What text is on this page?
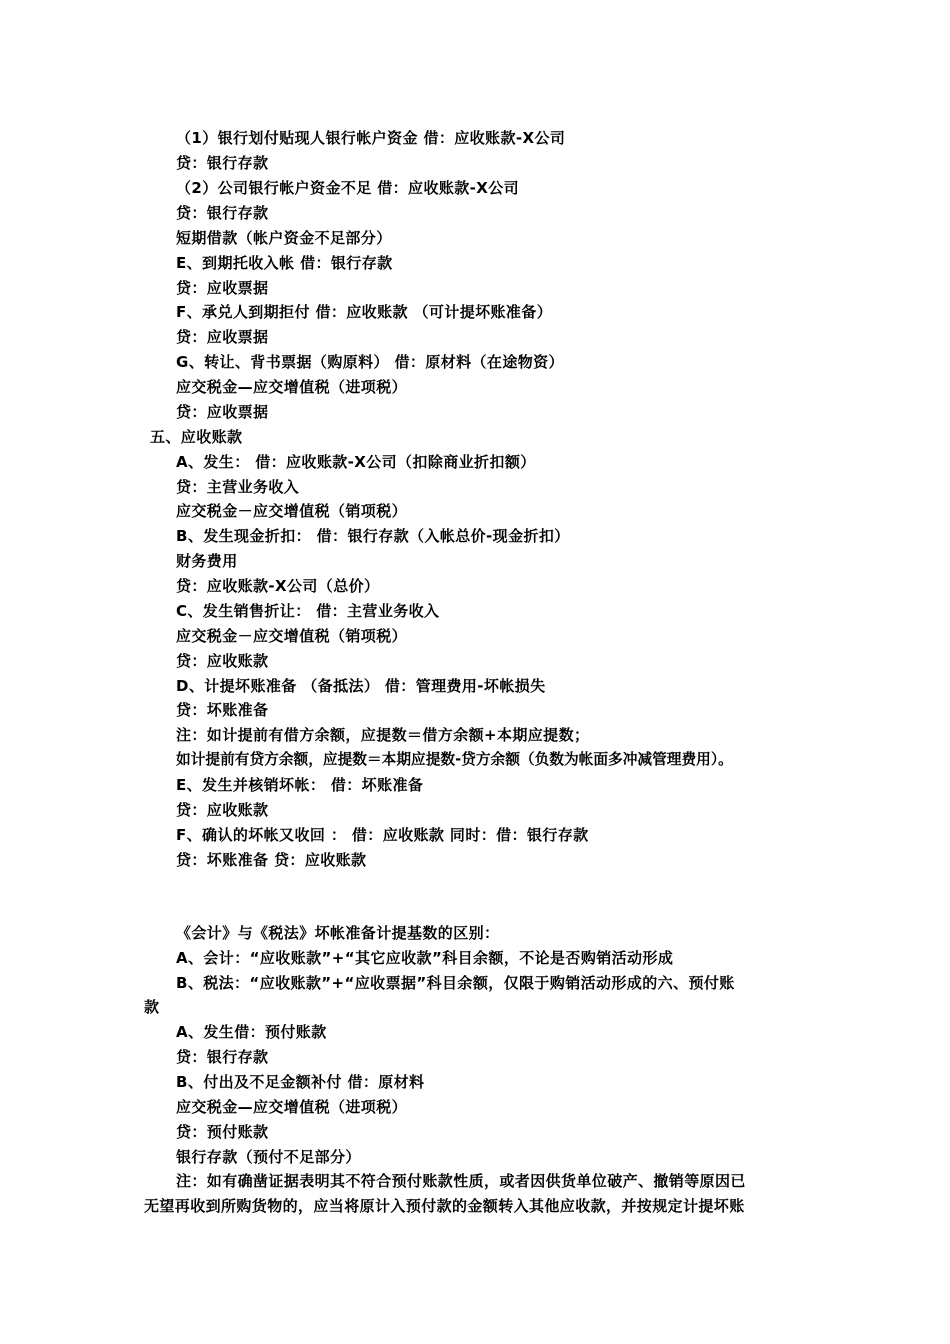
（1）银行划付贴现人银行帐户资金 借：应收账款-X公司
贷：银行存款
（2）公司银行帐户资金不足 借：应收账款-X公司
贷：银行存款
短期借款（帐户资金不足部分）
E、到期托收入帐 借：银行存款
贷：应收票据
F、承兑人到期拒付 借：应收账款 （可计提坏账准备）
贷：应收票据
G、转让、背书票据（购原料） 借：原材料（在途物资）
应交税金—应交增值税（进项税）
贷：应收票据
五、应收账款
A、发生： 借：应收账款-X公司（扣除商业折扣额）
贷：主营业务收入
应交税金－应交增值税（销项税）
B、发生现金折扣： 借：银行存款（入帐总价-现金折扣）
财务费用
贷：应收账款-X公司（总价）
C、发生销售折让： 借：主营业务收入
应交税金－应交增值税（销项税）
贷：应收账款
D、计提坏账准备 （备抵法） 借：管理费用-坏帐损失
贷：坏账准备
注：如计提前有借方余额，应提数＝借方余额+本期应提数；
如计提前有贷方余额，应提数＝本期应提数-贷方余额（负数为帐面多冲减管理费用）。
E、发生并核销坏帐： 借：坏账准备
贷：应收账款
F、确认的坏帐又收回 ： 借：应收账款 同时：借：银行存款
贷：坏账准备 贷：应收账款
《会计》与《税法》坏帐准备计提基数的区别：
A、会计：“应收账款”+“其它应收款”科目余额，不论是否购销活动形成
B、税法：“应收账款”+“应收票据”科目余额，仅限于购销活动形成的六、预付账
款
A、发生借：预付账款
贷：银行存款
B、付出及不足金额补付 借：原材料
应交税金—应交增值税（进项税）
贷：预付账款
银行存款（预付不足部分）
注：如有确凿证据表明其不符合预付账款性质，或者因供货单位破产、撤销等原因已
无望再收到所购货物的，应当将原计入预付款的金额转入其他应收款，并按规定计提坏账
